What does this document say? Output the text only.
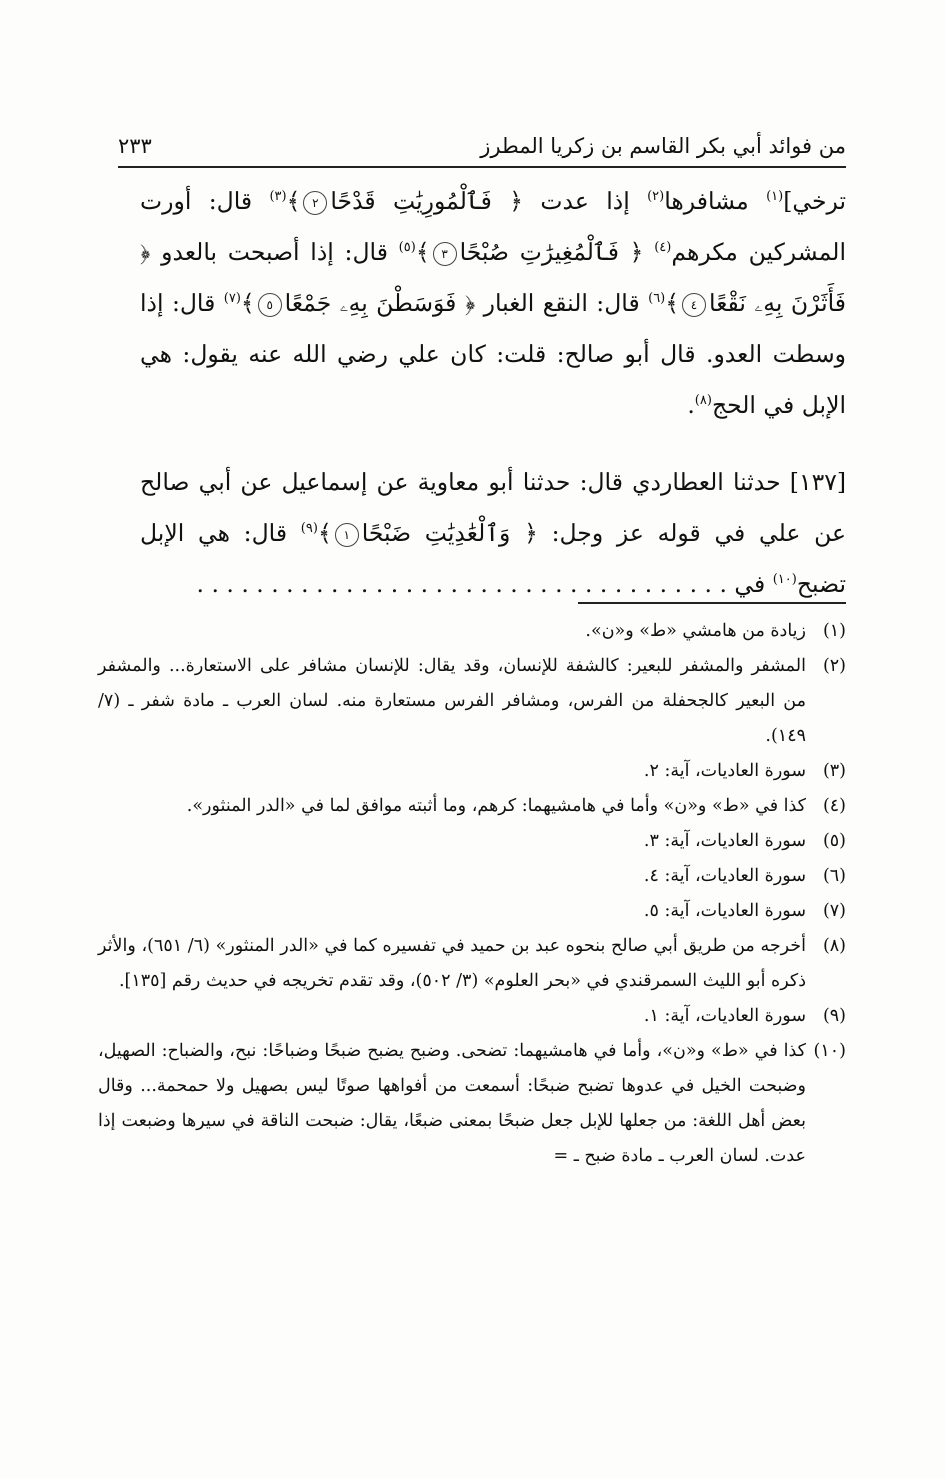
من فوائد أبي بكر القاسم بن زكريا المطرز
٢٣٣

ترخي]$^{(١)}$ مشافرها$^{(٢)}$ إذا عدت ﴿ فَٱلْمُورِيَٰتِ قَدْحًا٢﴾$^{(٣)}$ قال: أورت المشركين مكرهم$^{(٤)}$ ﴿ فَٱلْمُغِيرَٰتِ صُبْحًا٣﴾$^{(٥)}$ قال: إذا أصبحت بالعدو ﴿ فَأَثَرْنَ بِهِۦ نَقْعًا٤﴾$^{(٦)}$ قال: النقع الغبار ﴿ فَوَسَطْنَ بِهِۦ جَمْعًا٥﴾$^{(٧)}$ قال: إذا وسطت العدو. قال أبو صالح: قلت: كان علي رضي الله عنه يقول: هي الإبل في الحج$^{(٨)}$.

[١٣٧] حدثنا العطاردي قال: حدثنا أبو معاوية عن إسماعيل عن أبي صالح عن علي في قوله عز وجل: ﴿ وَٱلْعَٰدِيَٰتِ ضَبْحًا١﴾$^{(٩)}$ قال: هي الإبل تضبح$^{(١٠)}$ في . . . . . . . . . . . . . . . . . . . . . . . . . . . . . . . . . . . .

(١)
زيادة من هامشي «ط» و«ن».
(٢)
المشفر والمشفر للبعير: كالشفة للإنسان، وقد يقال: للإنسان مشافر على الاستعارة... والمشفر من البعير كالجحفلة من الفرس، ومشافر الفرس مستعارة منه. لسان العرب ـ مادة شفر ـ (٧/ ١٤٩).
(٣)
سورة العاديات، آية: ٢.
(٤)
كذا في «ط» و«ن» وأما في هامشيهما: كرهم، وما أثبته موافق لما في «الدر المنثور».
(٥)
سورة العاديات، آية: ٣.
(٦)
سورة العاديات، آية: ٤.
(٧)
سورة العاديات، آية: ٥.
(٨)
أخرجه من طريق أبي صالح بنحوه عبد بن حميد في تفسيره كما في «الدر المنثور» (٦/ ٦٥١)، والأثر ذكره أبو الليث السمرقندي في «بحر العلوم» (٣/ ٥٠٢)، وقد تقدم تخريجه في حديث رقم [١٣٥].
(٩)
سورة العاديات، آية: ١.
(١٠)
كذا في «ط» و«ن»، وأما في هامشيهما: تضحى. وضبح يضبح ضبحًا وضباحًا: نبح، والضباح: الصهيل، وضبحت الخيل في عدوها تضبح ضبحًا: أسمعت من أفواهها صوتًا ليس بصهيل ولا حمحمة... وقال بعض أهل اللغة: من جعلها للإبل جعل ضبحًا بمعنى ضبعًا، يقال: ضبحت الناقة في سيرها وضبعت إذا عدت. لسان العرب ـ مادة ضبح ـ =
